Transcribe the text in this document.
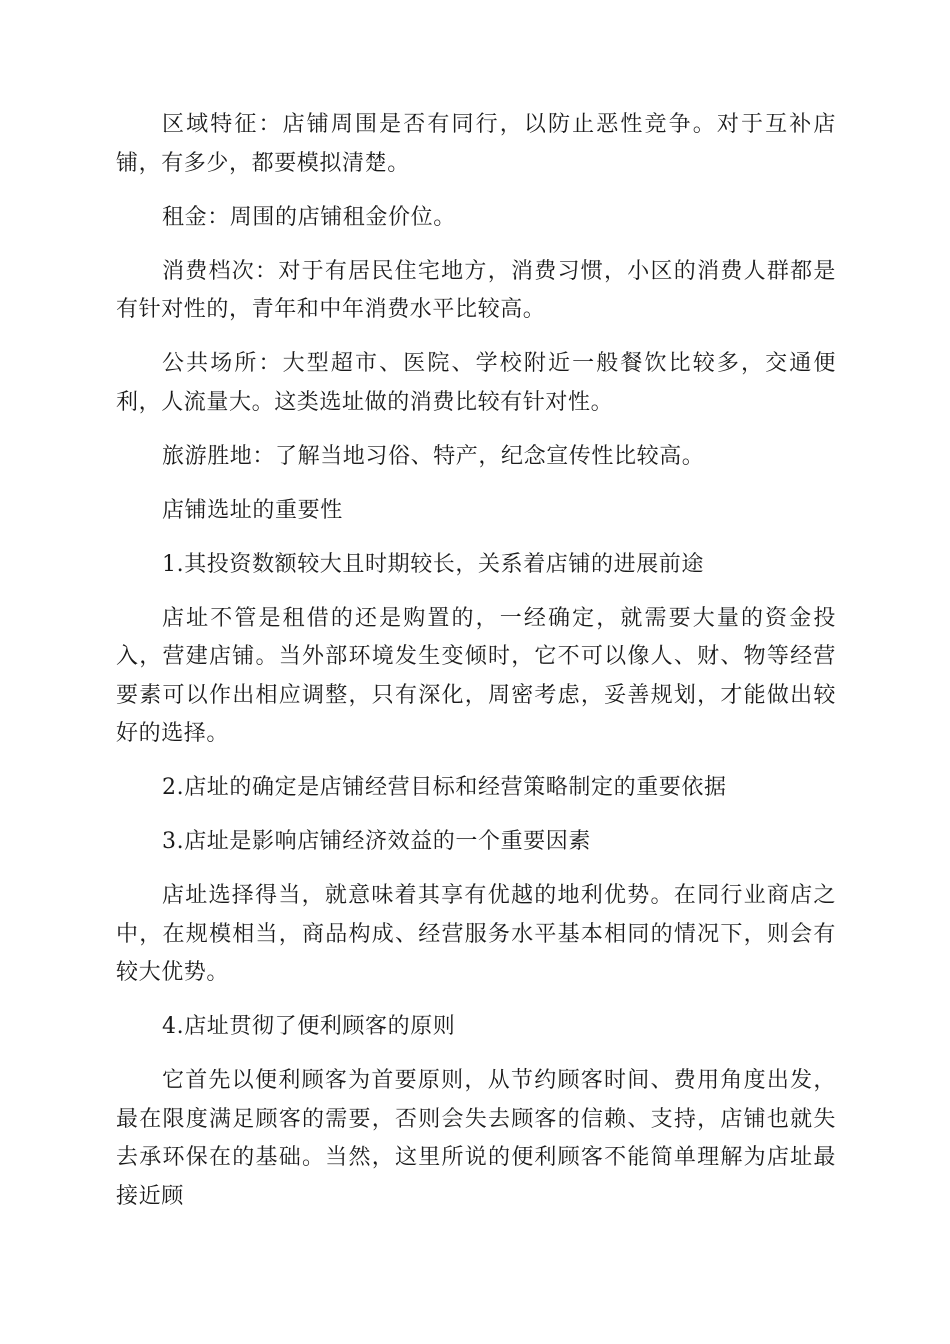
区域特征：店铺周围是否有同行，以防止恶性竞争。对于互补店铺，有多少，都要模拟清楚。

租金：周围的店铺租金价位。

消费档次：对于有居民住宅地方，消费习惯，小区的消费人群都是有针对性的，青年和中年消费水平比较高。

公共场所：大型超市、医院、学校附近一般餐饮比较多，交通便利，人流量大。这类选址做的消费比较有针对性。

旅游胜地：了解当地习俗、特产，纪念宣传性比较高。

店铺选址的重要性

1.其投资数额较大且时期较长，关系着店铺的进展前途

店址不管是租借的还是购置的，一经确定，就需要大量的资金投入，营建店铺。当外部环境发生变倾时，它不可以像人、财、物等经营要素可以作出相应调整，只有深化，周密考虑，妥善规划，才能做出较好的选择。

2.店址的确定是店铺经营目标和经营策略制定的重要依据

3.店址是影响店铺经济效益的一个重要因素

店址选择得当，就意味着其享有优越的地利优势。在同行业商店之中，在规模相当，商品构成、经营服务水平基本相同的情况下，则会有较大优势。

4.店址贯彻了便利顾客的原则

它首先以便利顾客为首要原则，从节约顾客时间、费用角度出发，最在限度满足顾客的需要，否则会失去顾客的信赖、支持，店铺也就失去承环保在的基础。当然，这里所说的便利顾客不能简单理解为店址最接近顾
